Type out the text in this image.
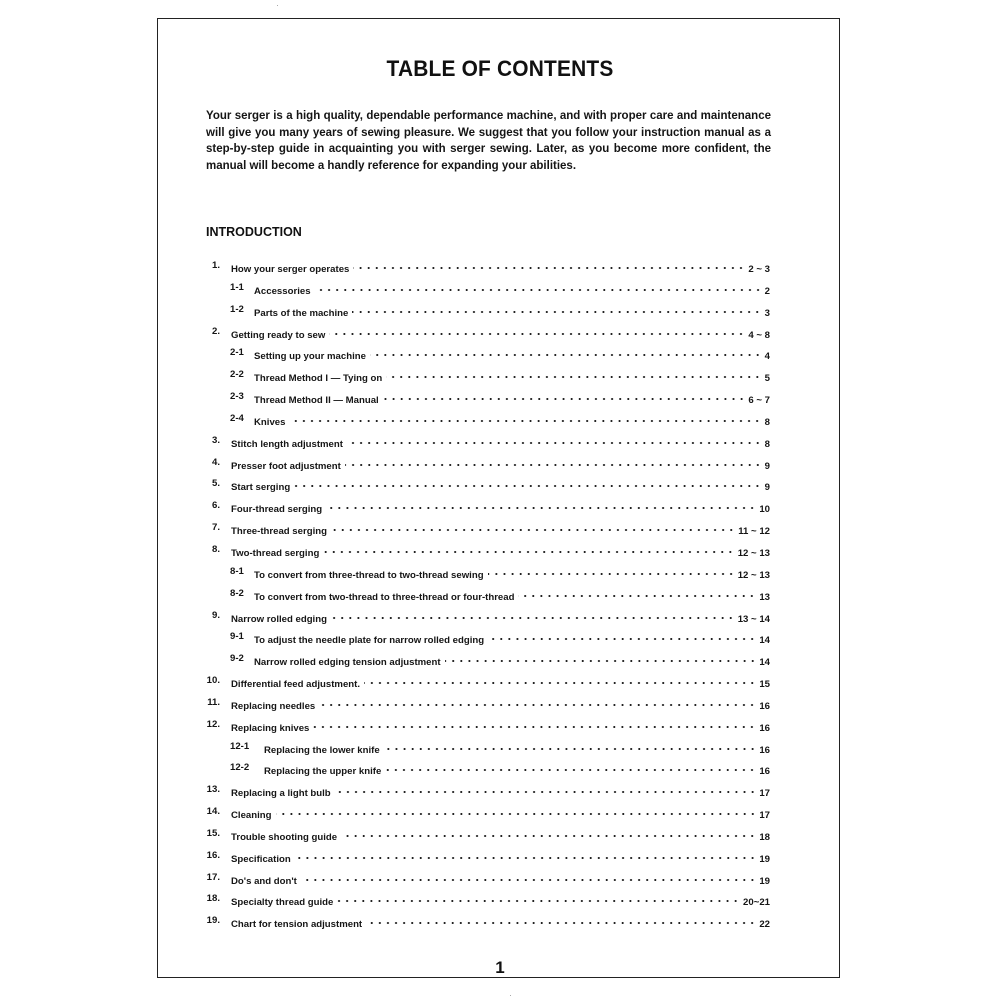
TABLE OF CONTENTS
Your serger is a high quality, dependable performance machine, and with proper care and maintenance will give you many years of sewing pleasure. We suggest that you follow your instruction manual as a step-by-step guide in acquainting you with serger sewing. Later, as you become more confident, the manual will become a handly reference for expanding your abilities.
INTRODUCTION
1. How your serger operates	2 ~ 3
1-1 Accessories	2
1-2 Parts of the machine	3
2. Getting ready to sew	4 ~ 8
2-1 Setting up your machine	4
2-2 Thread Method I — Tying on	5
2-3 Thread Method II — Manual	6 ~ 7
2-4 Knives	8
3. Stitch length adjustment	8
4. Presser foot adjustment	9
5. Start serging	9
6. Four-thread serging	10
7. Three-thread serging	11 ~ 12
8. Two-thread serging	12 ~ 13
8-1 To convert from three-thread to two-thread sewing	12 ~ 13
8-2 To convert from two-thread to three-thread or four-thread	13
9. Narrow rolled edging	13 ~ 14
9-1 To adjust the needle plate for narrow rolled edging	14
9-2 Narrow rolled edging tension adjustment	14
10. Differential feed adjustment.	15
11. Replacing needles	16
12. Replacing knives	16
12-1 Replacing the lower knife	16
12-2 Replacing the upper knife	16
13. Replacing a light bulb	17
14. Cleaning	17
15. Trouble shooting guide	18
16. Specification	19
17. Do's and don't	19
18. Specialty thread guide	20~21
19. Chart for tension adjustment	22
1
